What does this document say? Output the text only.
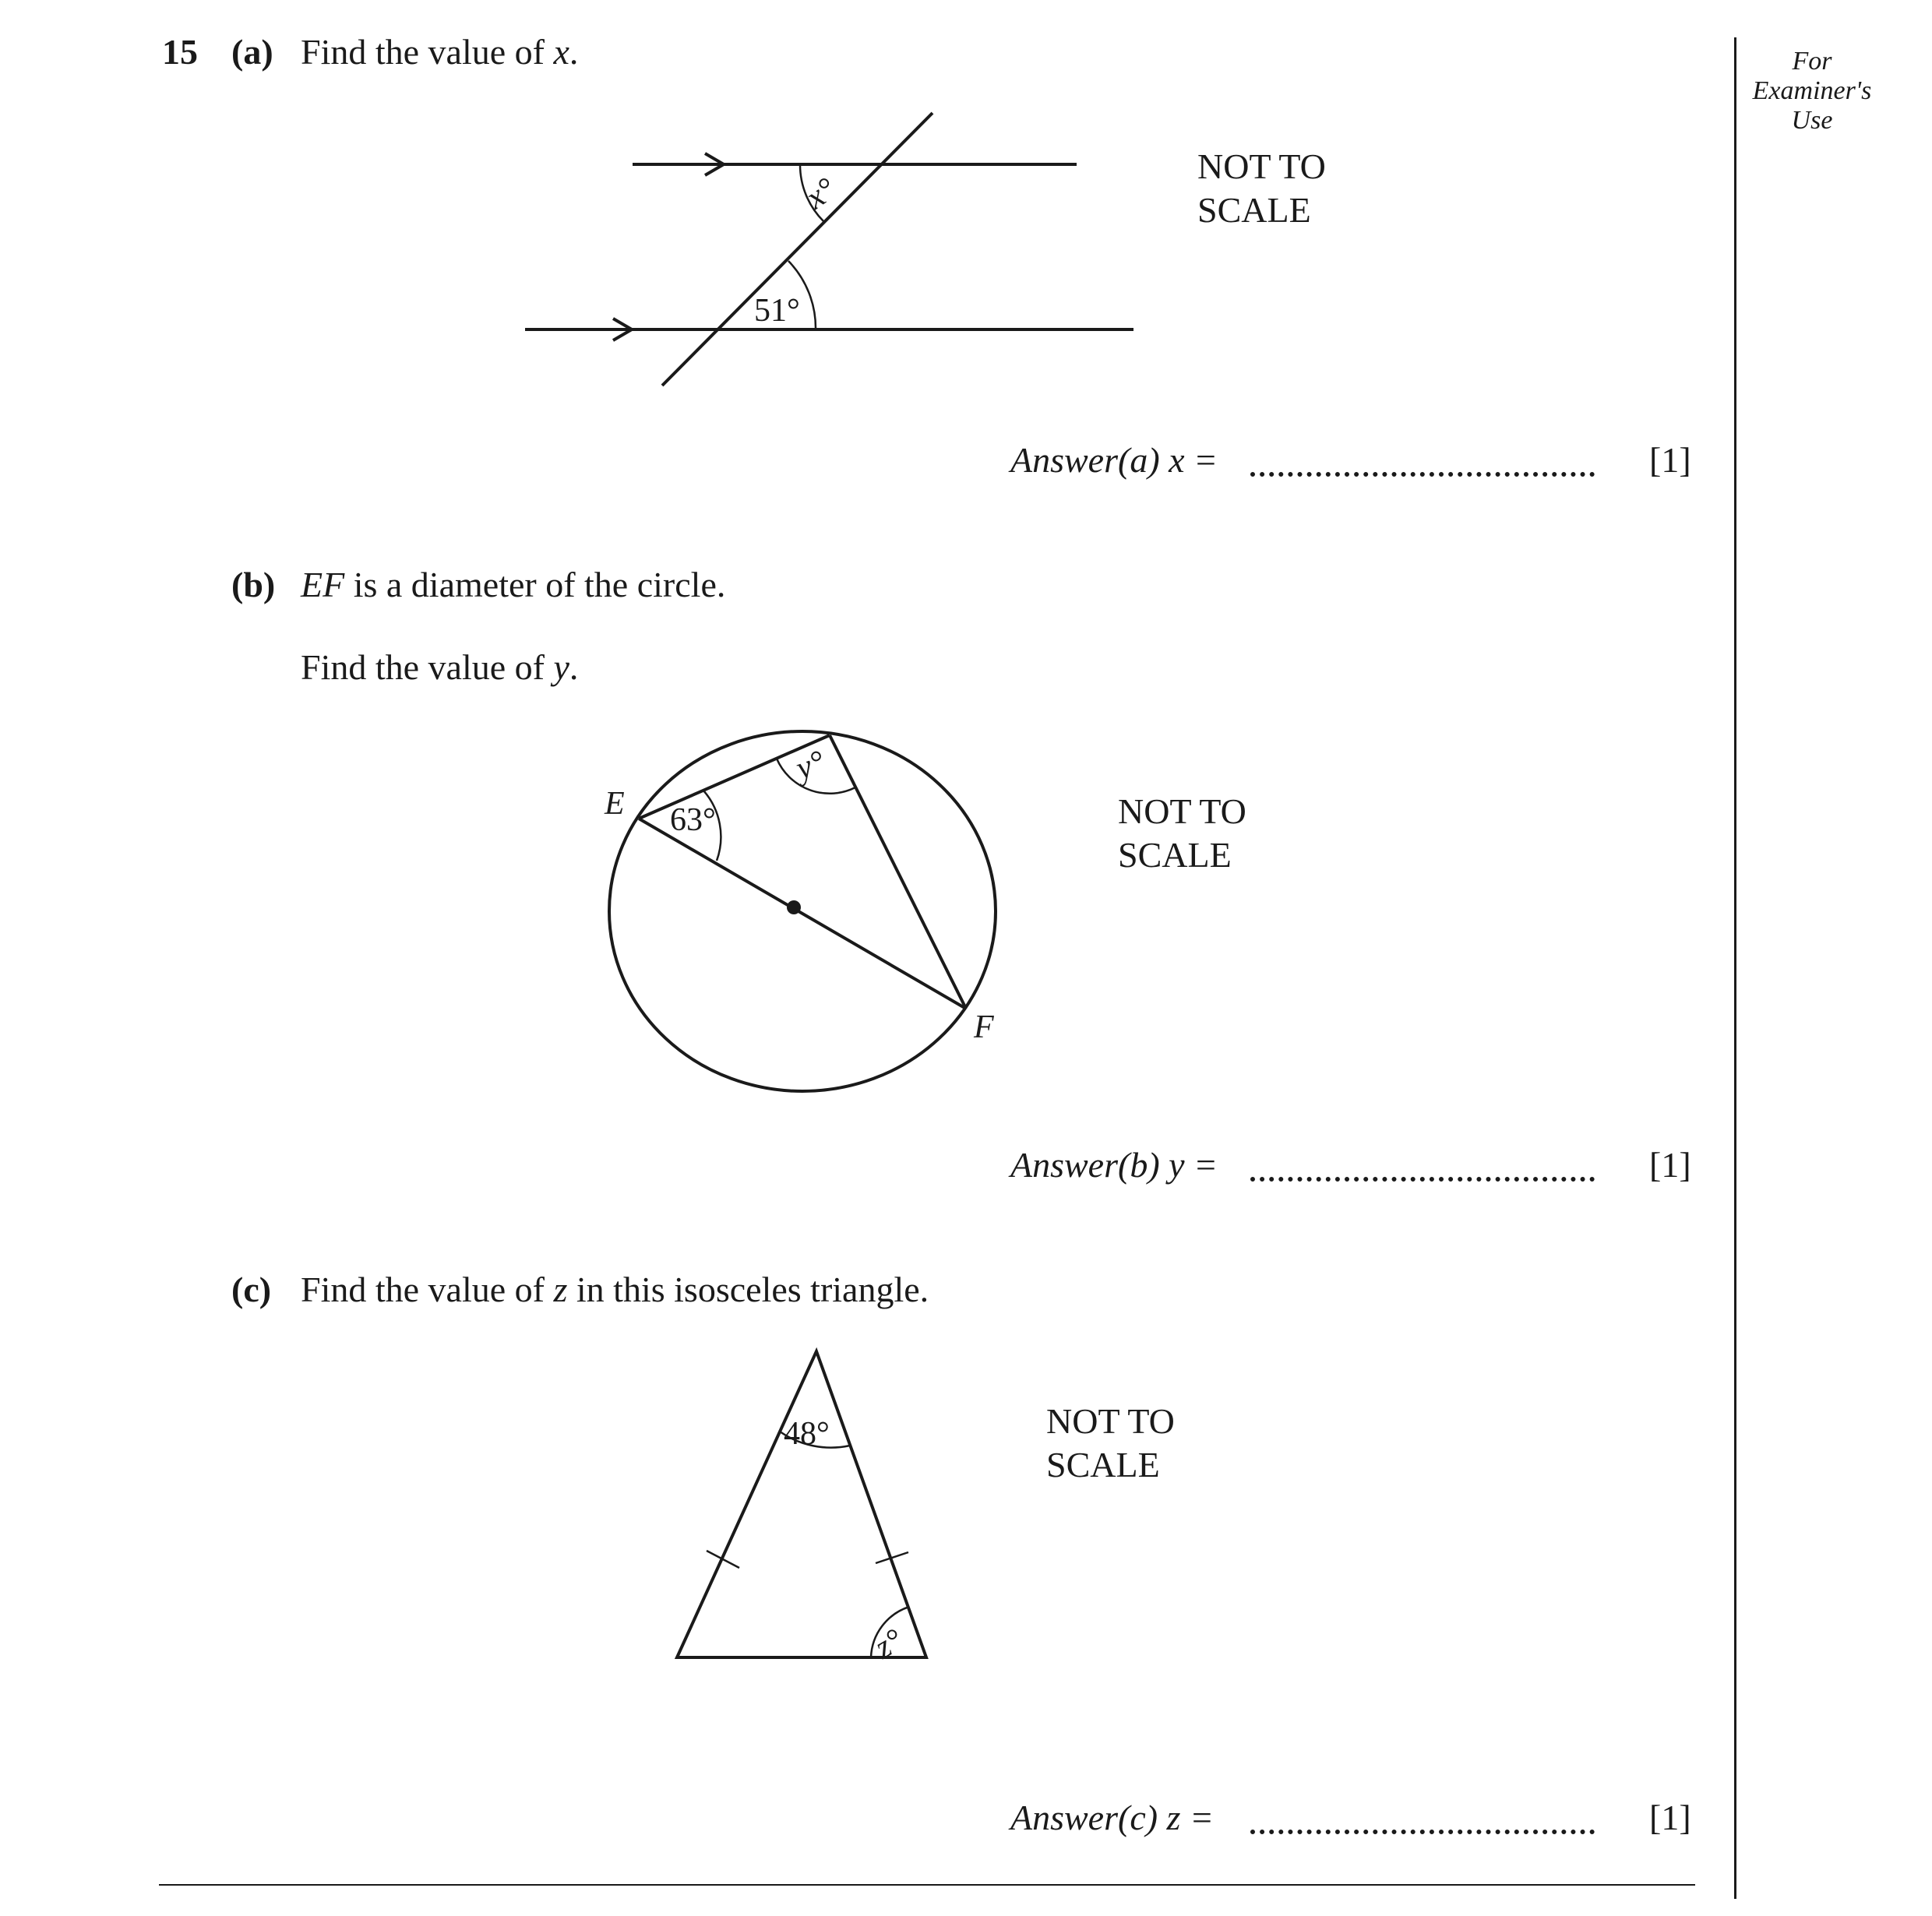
For
Examiner's
Use
15 (a) Find the value of x.
x°
51°
NOT TO
SCALE
Answer(a) x =	[1]
(b) EF is a diameter of the circle.
Find the value of y.
E
F
63°
y°
NOT TO
SCALE
Answer(b) y =	[1]
(c) Find the value of z in this isosceles triangle.
48°
z°
NOT TO
SCALE
Answer(c) z =	[1]
